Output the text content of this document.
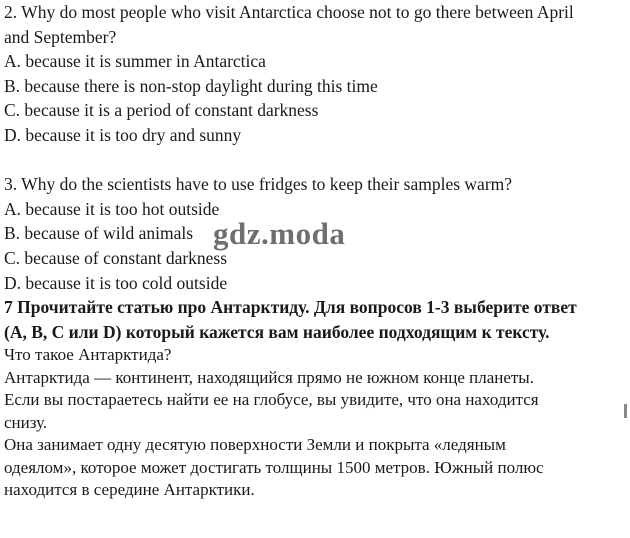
2. Why do most people who visit Antarctica choose not to go there between April
and September?
A. because it is summer in Antarctica
B. because there is non-stop daylight during this time
C. because it is a period of constant darkness
D. because it is too dry and sunny
3. Why do the scientists have to use fridges to keep their samples warm?
A. because it is too hot outside
B. because of wild animals
C. because of constant darkness
D. because it is too cold outside
7 Прочитайте статью про Антарктиду. Для вопросов 1-3 выберите ответ
(A, B, C или D) который кажется вам наиболее подходящим к тексту.
Что такое Антарктида?
Антарктида — континент, находящийся прямо не южном конце планеты.
Если вы постараетесь найти ее на глобусе, вы увидите, что она находится
снизу.
Она занимает одну десятую поверхности Земли и покрыта «ледяным
одеялом», которое может достигать толщины 1500 метров. Южный полюс
находится в середине Антарктики.
gdz.moda
